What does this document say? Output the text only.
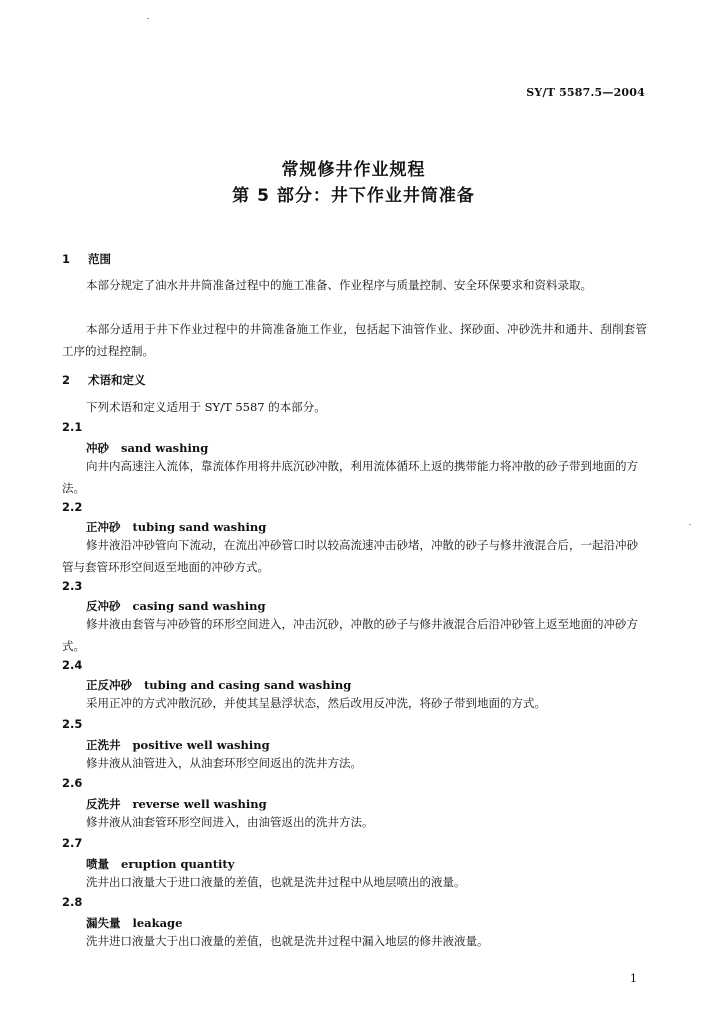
SY/T 5587.5—2004
常规修井作业规程
第 5 部分：井下作业井筒准备
1 范围
本部分规定了油水井井筒准备过程中的施工准备、作业程序与质量控制、安全环保要求和资料录取。
本部分适用于井下作业过程中的井筒准备施工作业，包括起下油管作业、探砂面、冲砂洗井和通井、刮削套管工序的过程控制。
2 术语和定义
下列术语和定义适用于 SY/T 5587 的本部分。
2.1
冲砂 sand washing
向井内高速注入流体，靠流体作用将井底沉砂冲散，利用流体循环上返的携带能力将冲散的砂子带到地面的方法。
2.2
正冲砂 tubing sand washing
修井液沿冲砂管向下流动，在流出冲砂管口时以较高流速冲击砂堵，冲散的砂子与修井液混合后，一起沿冲砂管与套管环形空间返至地面的冲砂方式。
2.3
反冲砂 casing sand washing
修井液由套管与冲砂管的环形空间进入，冲击沉砂，冲散的砂子与修井液混合后沿冲砂管上返至地面的冲砂方式。
2.4
正反冲砂 tubing and casing sand washing
采用正冲的方式冲散沉砂，并使其呈悬浮状态，然后改用反冲洗，将砂子带到地面的方式。
2.5
正洗井 positive well washing
修井液从油管进入，从油套环形空间返出的洗井方法。
2.6
反洗井 reverse well washing
修井液从油套管环形空间进入，由油管返出的洗井方法。
2.7
喷量 eruption quantity
洗井出口液量大于进口液量的差值，也就是洗井过程中从地层喷出的液量。
2.8
漏失量 leakage
洗井进口液量大于出口液量的差值，也就是洗井过程中漏入地层的修井液液量。
1
